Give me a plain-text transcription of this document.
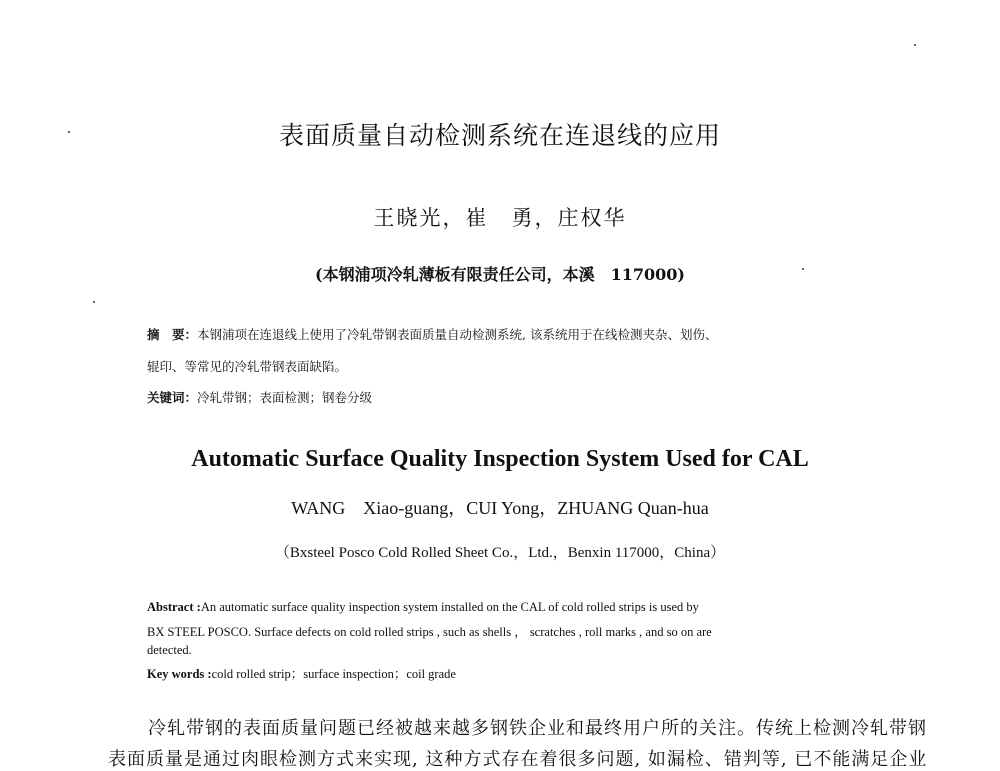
表面质量自动检测系统在连退线的应用
王晓光，崔　勇，庄权华
(本钢浦项冷轧薄板有限责任公司，本溪　117000)
摘　要：本钢浦项在连退线上使用了冷轧带钢表面质量自动检测系统, 该系统用于在线检测夹杂、划伤、
辊印、等常见的冷轧带钢表面缺陷。
关键词：冷轧带钢；表面检测；钢卷分级
Automatic Surface Quality Inspection System Used for CAL
WANG　Xiao-guang，CUI Yong，ZHUANG Quan-hua
（Bxsteel Posco Cold Rolled Sheet Co.，Ltd.，Benxin 117000，China）
Abstract :An automatic surface quality inspection system installed on the CAL of cold rolled strips is used by
BX STEEL POSCO. Surface defects on cold rolled strips , such as shells ， scratches , roll marks , and so on are
detected.
Key words :cold rolled strip；surface inspection；coil grade
冷轧带钢的表面质量问题已经被越来越多钢铁企业和最终用户所的关注。传统上检测冷轧带钢
表面质量是通过肉眼检测方式来实现, 这种方式存在着很多问题, 如漏检、错判等, 已不能满足企业
